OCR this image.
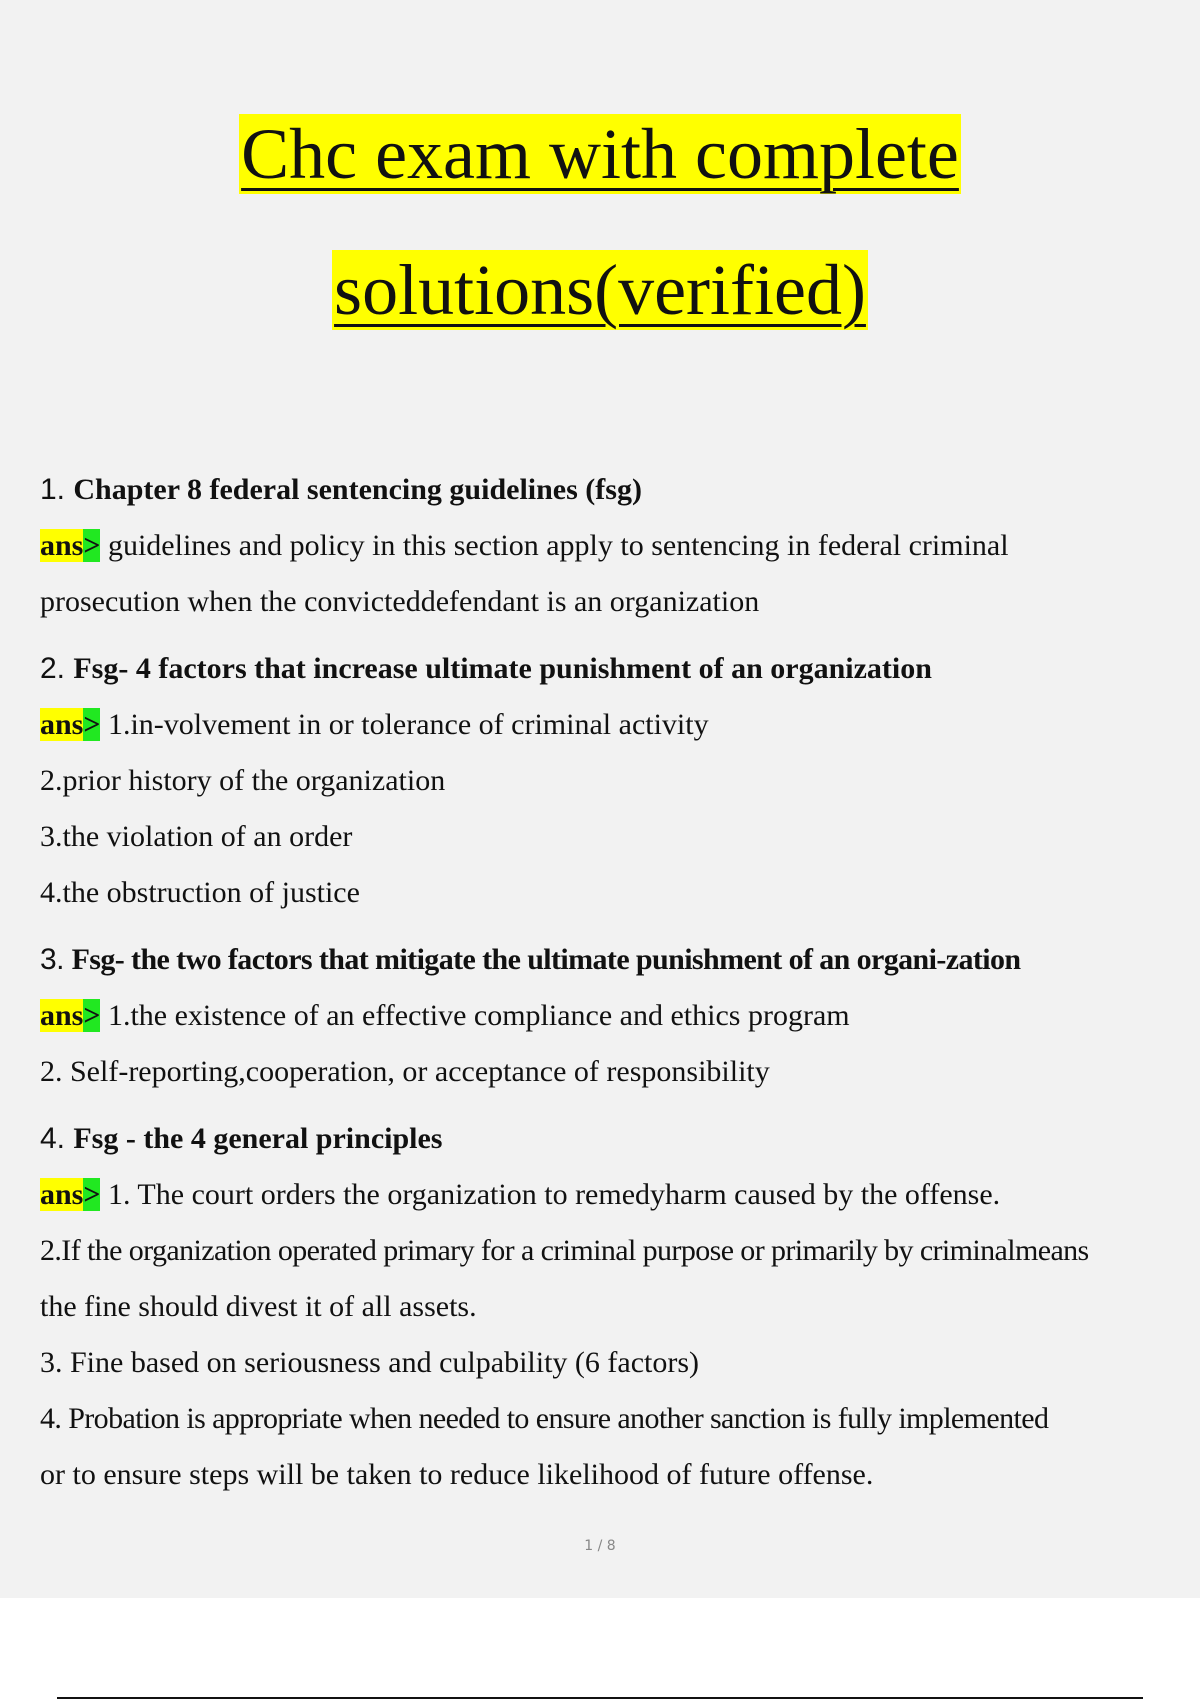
Chc exam with complete
solutions(verified)
1. Chapter 8 federal sentencing guidelines (fsg)
ans> guidelines and policy in this section apply to sentencing in federal criminal
prosecution when the convicteddefendant is an organization
2. Fsg- 4 factors that increase ultimate punishment of an organization
ans> 1.in-volvement in or tolerance of criminal activity
2.prior history of the organization
3.the violation of an order
4.the obstruction of justice
3. Fsg- the two factors that mitigate the ultimate punishment of an organi-zation
ans> 1.the existence of an effective compliance and ethics program
2. Self-reporting,cooperation, or acceptance of responsibility
4. Fsg - the 4 general principles
ans> 1. The court orders the organization to remedyharm caused by the offense.
2.If the organization operated primary for a criminal purpose or primarily by criminalmeans
the fine should divest it of all assets.
3. Fine based on seriousness and culpability (6 factors)
4. Probation is appropriate when needed to ensure another sanction is fully implemented
or to ensure steps will be taken to reduce likelihood of future offense.
1 / 8
